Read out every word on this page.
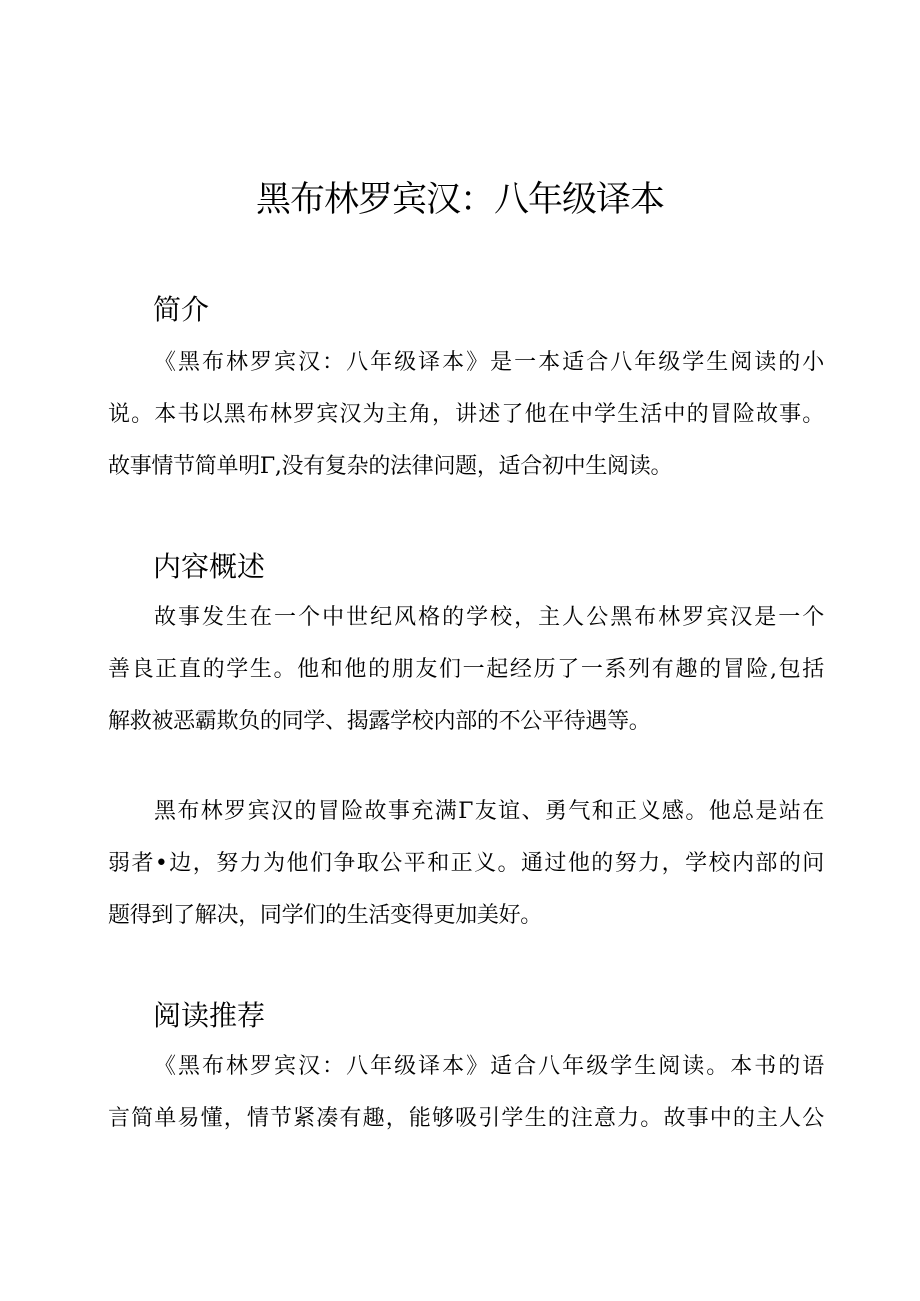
黑布林罗宾汉：八年级译本
简介
《黑布林罗宾汉：八年级译本》是一本适合八年级学生阅读的小
说。本书以黑布林罗宾汉为主角，讲述了他在中学生活中的冒险故事。
故事情节简单明Γ,没有复杂的法律问题，适合初中生阅读。
内容概述
故事发生在一个中世纪风格的学校，主人公黑布林罗宾汉是一个
善良正直的学生。他和他的朋友们一起经历了一系列有趣的冒险,包括
解救被恶霸欺负的同学、揭露学校内部的不公平待遇等。
黑布林罗宾汉的冒险故事充满Γ友谊、勇气和正义感。他总是站在
弱者•边，努力为他们争取公平和正义。通过他的努力，学校内部的问
题得到了解决，同学们的生活变得更加美好。
阅读推荐
《黑布林罗宾汉：八年级译本》适合八年级学生阅读。本书的语
言简单易懂，情节紧凑有趣，能够吸引学生的注意力。故事中的主人公
